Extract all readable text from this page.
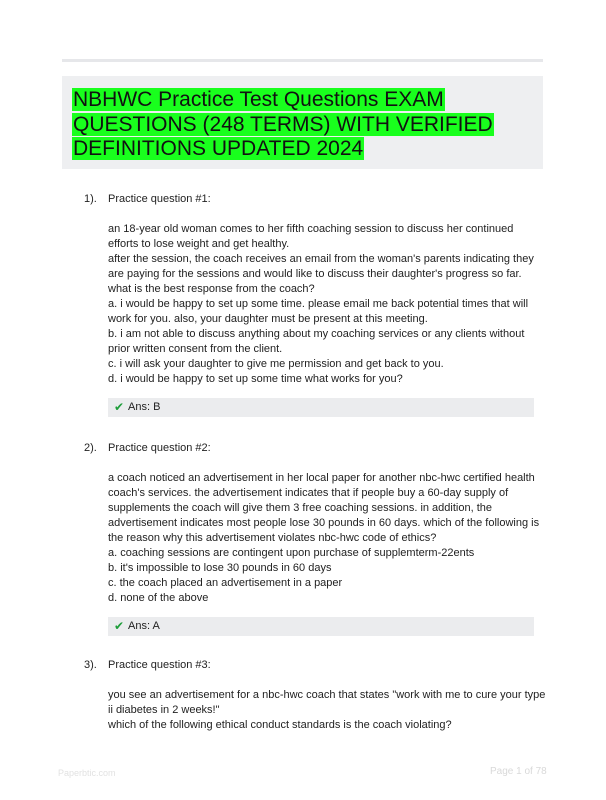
NBHWC Practice Test Questions EXAM
QUESTIONS (248 TERMS) WITH VERIFIED
DEFINITIONS UPDATED 2024
1). Practice question #1:
an 18-year old woman comes to her fifth coaching session to discuss her continued
efforts to lose weight and get healthy.
after the session, the coach receives an email from the woman's parents indicating they
are paying for the sessions and would like to discuss their daughter's progress so far.
what is the best response from the coach?
a. i would be happy to set up some time. please email me back potential times that will
work for you. also, your daughter must be present at this meeting.
b. i am not able to discuss anything about my coaching services or any clients without
prior written consent from the client.
c. i will ask your daughter to give me permission and get back to you.
d. i would be happy to set up some time what works for you?
✔ Ans: B
2). Practice question #2:
a coach noticed an advertisement in her local paper for another nbc-hwc certified health
coach's services. the advertisement indicates that if people buy a 60-day supply of
supplements the coach will give them 3 free coaching sessions. in addition, the
advertisement indicates most people lose 30 pounds in 60 days. which of the following is
the reason why this advertisement violates nbc-hwc code of ethics?
a. coaching sessions are contingent upon purchase of supplemterm-22ents
b. it's impossible to lose 30 pounds in 60 days
c. the coach placed an advertisement in a paper
d. none of the above
✔ Ans: A
3). Practice question #3:
you see an advertisement for a nbc-hwc coach that states "work with me to cure your type
ii diabetes in 2 weeks!"
which of the following ethical conduct standards is the coach violating?
Paperbtic.com	Page 1 of 78
